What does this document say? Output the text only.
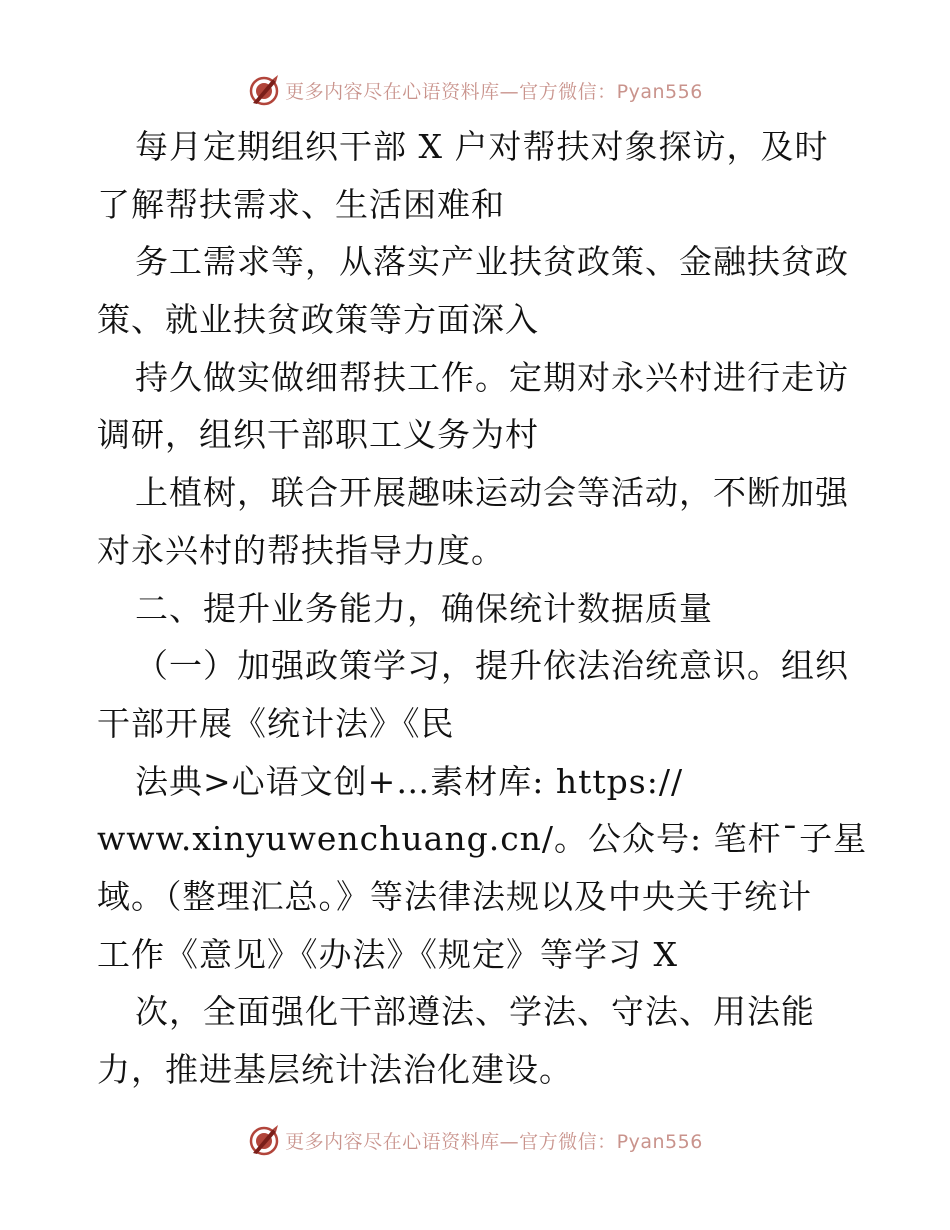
更多内容尽在心语资料库—官方微信：Pyan556
每月定期组织干部 X 户对帮扶对象探访，及时
了解帮扶需求、生活困难和
务工需求等，从落实产业扶贫政策、金融扶贫政
策、就业扶贫政策等方面深入
持久做实做细帮扶工作。定期对永兴村进行走访
调研，组织干部职工义务为村
上植树，联合开展趣味运动会等活动，不断加强
对永兴村的帮扶指导力度。
二、提升业务能力，确保统计数据质量
（一）加强政策学习，提升依法治统意识。组织
干部开展《统计法》《民
法典>心语文创+…素材库: https://
www.xinyuwenchuang.cn/。公众号: 笔杆¯子星
域。（整理汇总。》等法律法规以及中央关于统计
工作《意见》《办法》《规定》等学习 X
次，全面强化干部遵法、学法、守法、用法能
力，推进基层统计法治化建设。
更多内容尽在心语资料库—官方微信：Pyan556
